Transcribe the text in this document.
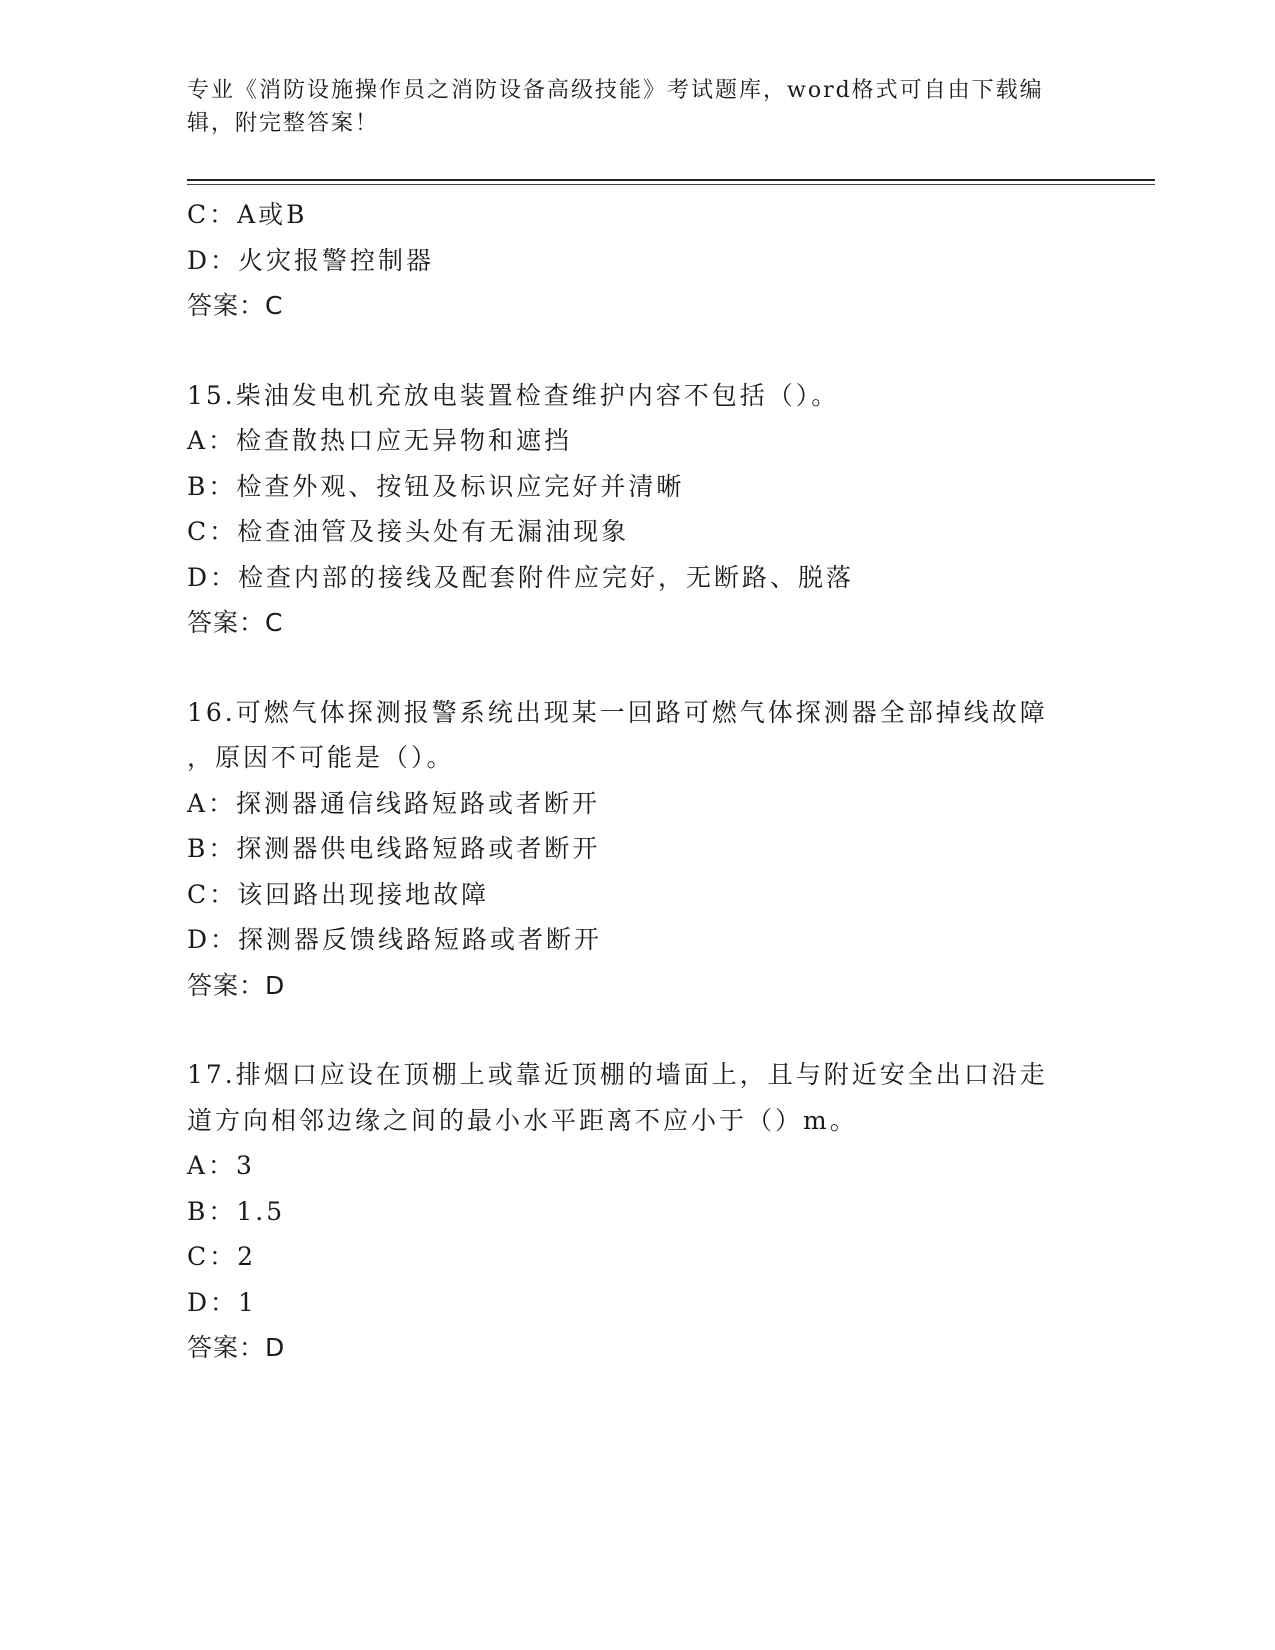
专业《消防设施操作员之消防设备高级技能》考试题库，word格式可自由下载编
辑，附完整答案！
C：A或B
D：火灾报警控制器
答案：C
15.柴油发电机充放电装置检查维护内容不包括（）。
A：检查散热口应无异物和遮挡
B：检查外观、按钮及标识应完好并清晰
C：检查油管及接头处有无漏油现象
D：检查内部的接线及配套附件应完好，无断路、脱落
答案：C
16.可燃气体探测报警系统出现某一回路可燃气体探测器全部掉线故障
，原因不可能是（）。
A：探测器通信线路短路或者断开
B：探测器供电线路短路或者断开
C：该回路出现接地故障
D：探测器反馈线路短路或者断开
答案：D
17.排烟口应设在顶棚上或靠近顶棚的墙面上，且与附近安全出口沿走
道方向相邻边缘之间的最小水平距离不应小于（）m。
A：3
B：1.5
C：2
D：1
答案：D
